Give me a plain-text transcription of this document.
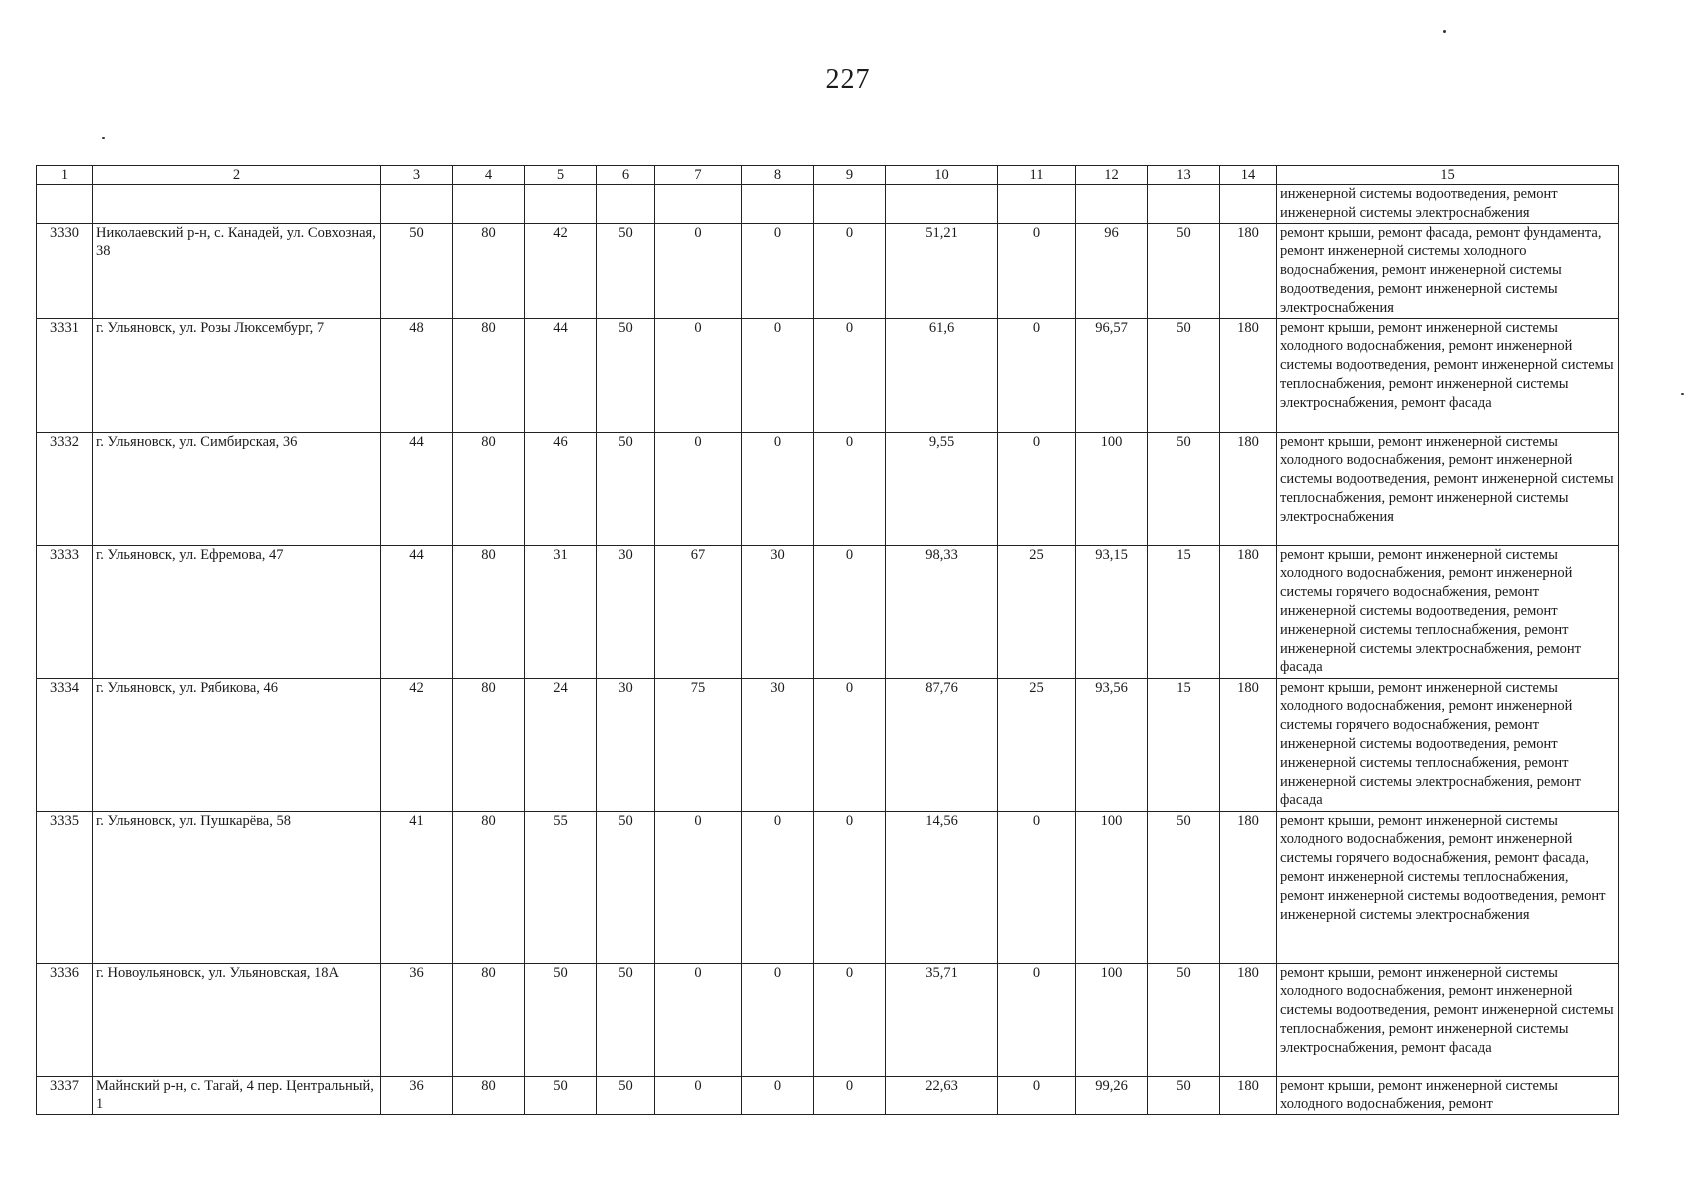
227
1	2	3	4	5	6	7	8	9	10	11	12	13	14	15
														инженерной системы водоотведения, ремонт инженерной системы электроснабжения
3330	Николаевский р-н, с. Канадей, ул. Совхозная, 38	50	80	42	50	0	0	0	51,21	0	96	50	180	ремонт крыши, ремонт фасада, ремонт фундамента, ремонт инженерной системы холодного водоснабжения, ремонт инженерной системы водоотведения, ремонт инженерной системы электроснабжения
3331	г. Ульяновск, ул. Розы Люксембург, 7	48	80	44	50	0	0	0	61,6	0	96,57	50	180	ремонт крыши, ремонт инженерной системы холодного водоснабжения, ремонт инженерной системы водоотведения, ремонт инженерной системы теплоснабжения, ремонт инженерной системы электроснабжения, ремонт фасада
3332	г. Ульяновск, ул. Симбирская, 36	44	80	46	50	0	0	0	9,55	0	100	50	180	ремонт крыши, ремонт инженерной системы холодного водоснабжения, ремонт инженерной системы водоотведения, ремонт инженерной системы теплоснабжения, ремонт инженерной системы электроснабжения
3333	г. Ульяновск, ул. Ефремова, 47	44	80	31	30	67	30	0	98,33	25	93,15	15	180	ремонт крыши, ремонт инженерной системы холодного водоснабжения, ремонт инженерной системы горячего водоснабжения, ремонт инженерной системы водоотведения, ремонт инженерной системы теплоснабжения, ремонт инженерной системы электроснабжения, ремонт фасада
3334	г. Ульяновск, ул. Рябикова, 46	42	80	24	30	75	30	0	87,76	25	93,56	15	180	ремонт крыши, ремонт инженерной системы холодного водоснабжения, ремонт инженерной системы горячего водоснабжения, ремонт инженерной системы водоотведения, ремонт инженерной системы теплоснабжения, ремонт инженерной системы электроснабжения, ремонт фасада
3335	г. Ульяновск, ул. Пушкарёва, 58	41	80	55	50	0	0	0	14,56	0	100	50	180	ремонт крыши, ремонт инженерной системы холодного водоснабжения, ремонт инженерной системы горячего водоснабжения, ремонт фасада, ремонт инженерной системы теплоснабжения, ремонт инженерной системы водоотведения, ремонт инженерной системы электроснабжения
3336	г. Новоульяновск, ул. Ульяновская, 18А	36	80	50	50	0	0	0	35,71	0	100	50	180	ремонт крыши, ремонт инженерной системы холодного водоснабжения, ремонт инженерной системы водоотведения, ремонт инженерной системы теплоснабжения, ремонт инженерной системы электроснабжения, ремонт фасада
3337	Майнский р-н, с. Тагай, 4 пер. Центральный, 1	36	80	50	50	0	0	0	22,63	0	99,26	50	180	ремонт крыши, ремонт инженерной системы холодного водоснабжения, ремонт
